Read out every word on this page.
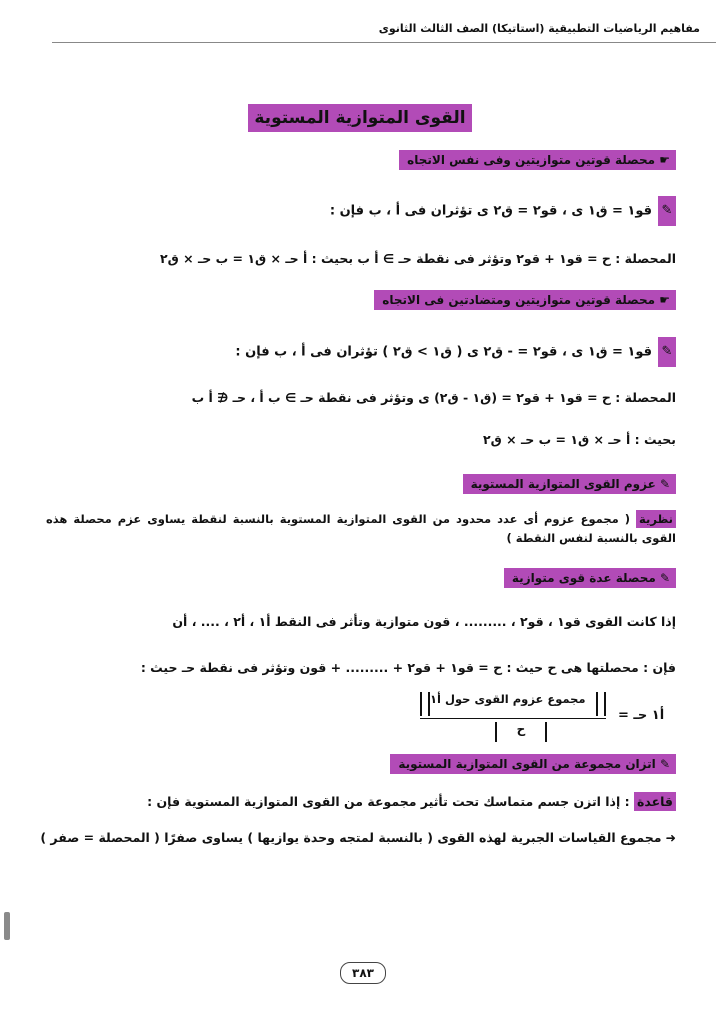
مفاهيم الرياضيات التطبيقية (استاتيكا) الصف الثالث الثانوى
القوى المتوازية المستوية
☛ محصلة قوتين متوازيتين وفى نفس الاتجاه
✎قو١ = ق١ ى ، قو٢ = ق٢ ى تؤثران فى أ ، ب فإن :
المحصلة : ح = قو١ + قو٢ وتؤثر فى نقطة حـ ∋ أ ب بحيث : أ حـ × ق١ = ب حـ × ق٢
☛ محصلة قوتين متوازيتين ومتضادتين فى الاتجاه
✎قو١ = ق١ ى ، قو٢ = - ق٢ ى ( ق١ > ق٢ ) تؤثران فى أ ، ب فإن :
المحصلة : ح = قو١ + قو٢ = (ق١ - ق٢) ى وتؤثر فى نقطة حـ ∋ ب أ ، حـ ∉ أ ب
بحيث : أ حـ × ق١ = ب حـ × ق٢
✎ عزوم القوى المتوازية المستوية
نظرية ( مجموع عزوم أى عدد محدود من القوى المتوازية المستوية بالنسبة لنقطة يساوى عزم محصلة هذه القوى بالنسبة لنفس النقطة )
✎ محصلة عدة قوى متوازية
إذا كانت القوى قو١ ، قو٢ ، ......... ، قون متوازية وتأثر فى النقط أ١ ، أ٢ ، .... ، أن
فإن : محصلتها هى ح حيث : ح = قو١ + قو٢ + ......... + قون وتؤثر فى نقطة حـ حيث :
مجموع عزوم القوى حول أ١
ح
أ١ حـ =
✎ اتزان مجموعة من القوى المتوازية المستوية
قاعدة : إذا اتزن جسم متماسك تحت تأثير مجموعة من القوى المتوازية المستوية فإن :
➜مجموع القياسات الجبرية لهذه القوى ( بالنسبة لمتجه وحدة يوازيها ) يساوى صفرًا ( المحصلة = صفر )
٣٨٣
